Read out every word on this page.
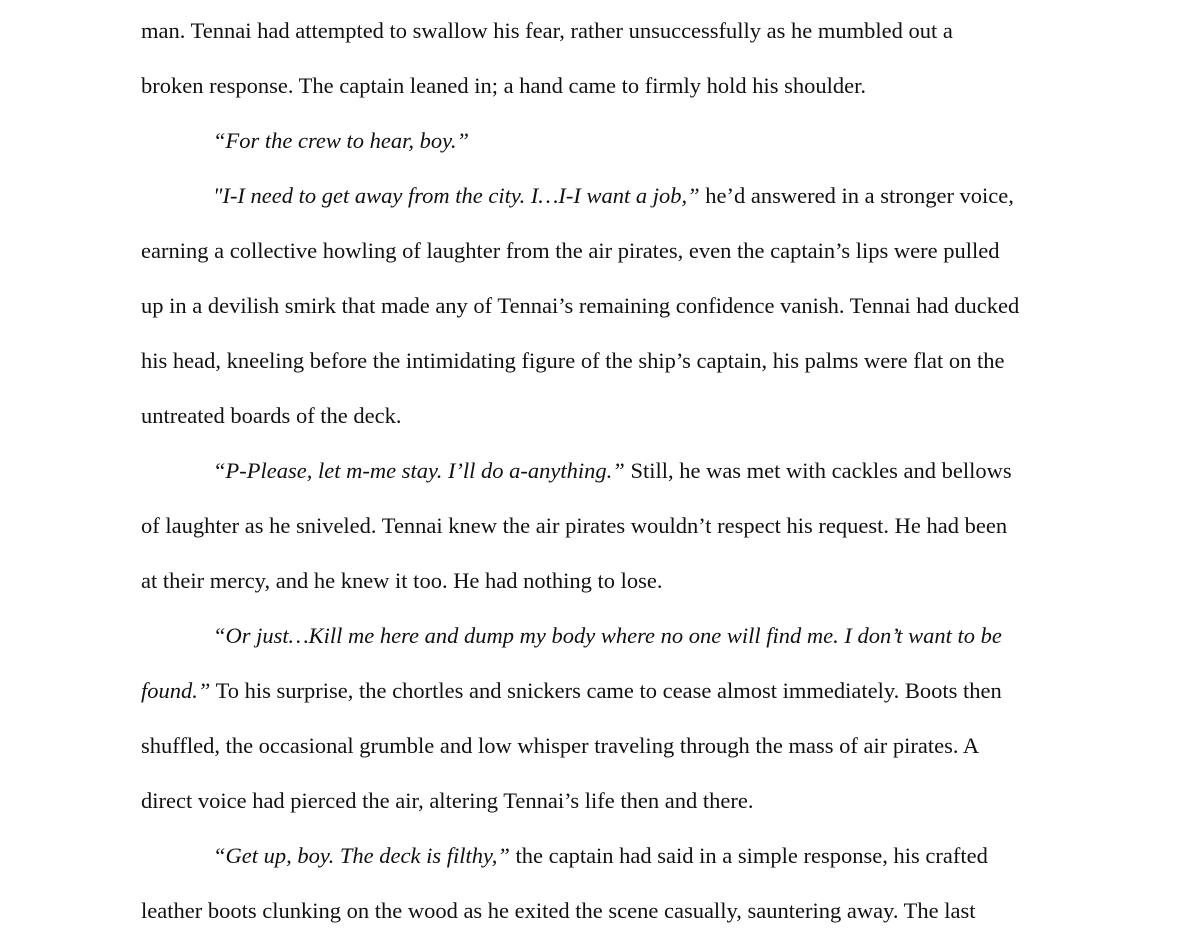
man. Tennai had attempted to swallow his fear, rather unsuccessfully as he mumbled out a
broken response. The captain leaned in; a hand came to firmly hold his shoulder.
“For the crew to hear, boy.”
"I-I need to get away from the city. I…I-I want a job,” he’d answered in a stronger voice,
earning a collective howling of laughter from the air pirates, even the captain’s lips were pulled
up in a devilish smirk that made any of Tennai’s remaining confidence vanish. Tennai had ducked
his head, kneeling before the intimidating figure of the ship’s captain, his palms were flat on the
untreated boards of the deck.
“P-Please, let m-me stay. I’ll do a-anything.” Still, he was met with cackles and bellows
of laughter as he sniveled. Tennai knew the air pirates wouldn’t respect his request. He had been
at their mercy, and he knew it too. He had nothing to lose.
“Or just…Kill me here and dump my body where no one will find me. I don’t want to be
found.” To his surprise, the chortles and snickers came to cease almost immediately. Boots then
shuffled, the occasional grumble and low whisper traveling through the mass of air pirates. A
direct voice had pierced the air, altering Tennai’s life then and there.
“Get up, boy. The deck is filthy,” the captain had said in a simple response, his crafted
leather boots clunking on the wood as he exited the scene casually, sauntering away. The last
